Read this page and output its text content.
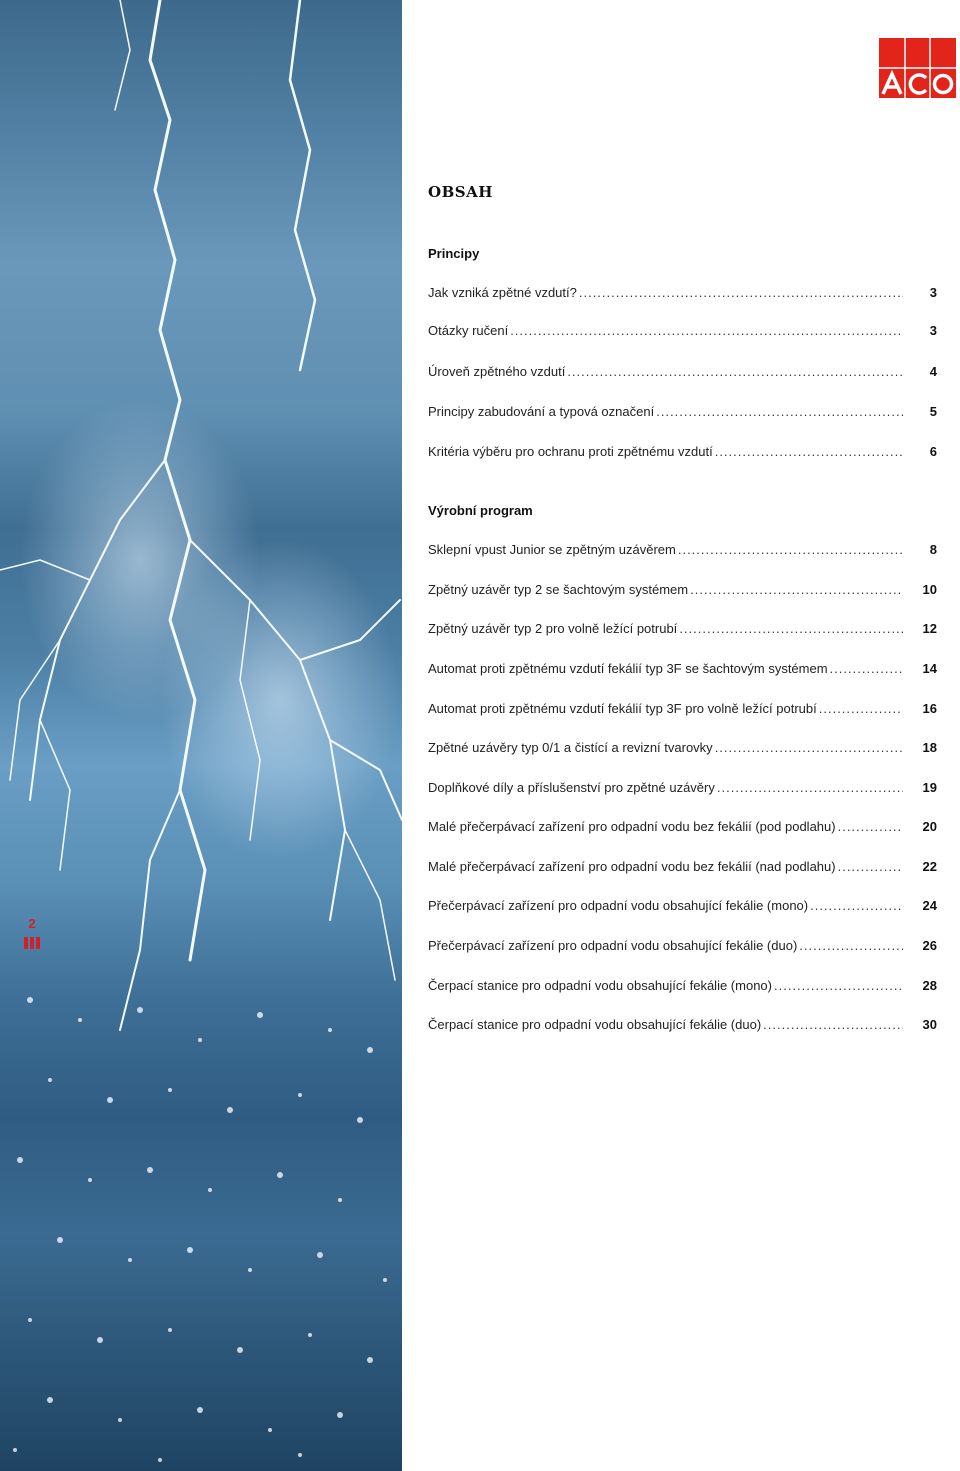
2
OBSAH
Principy
Jak vzniká zpětné vzdutí? .....	3
Otázky ručení .....	3
Úroveň zpětného vzdutí .....	4
Principy zabudování a typová označení .....	5
Kritéria výběru pro ochranu proti zpětnému vzdutí .....	6
Výrobní program
Sklepní vpust Junior se zpětným uzávěrem .....	8
Zpětný uzávěr typ 2 se šachtovým systémem .....	10
Zpětný uzávěr typ 2 pro volně ležící potrubí .....	12
Automat proti zpětnému vzdutí fekálií typ 3F se šachtovým systémem .....	14
Automat proti zpětnému vzdutí fekálií typ 3F pro volně ležící potrubí .....	16
Zpětné uzávěry typ 0/1 a čistící a revizní tvarovky .....	18
Doplňkové díly a příslušenství pro zpětné uzávěry .....	19
Malé přečerpávací zařízení pro odpadní vodu bez fekálií (pod podlahu) .....	20
Malé přečerpávací zařízení pro odpadní vodu bez fekálií (nad podlahu) .....	22
Přečerpávací zařízení pro odpadní vodu obsahující fekálie (mono) .....	24
Přečerpávací zařízení pro odpadní vodu obsahující fekálie (duo) .....	26
Čerpací stanice pro odpadní vodu obsahující fekálie (mono) .....	28
Čerpací stanice pro odpadní vodu obsahující fekálie (duo) .....	30
